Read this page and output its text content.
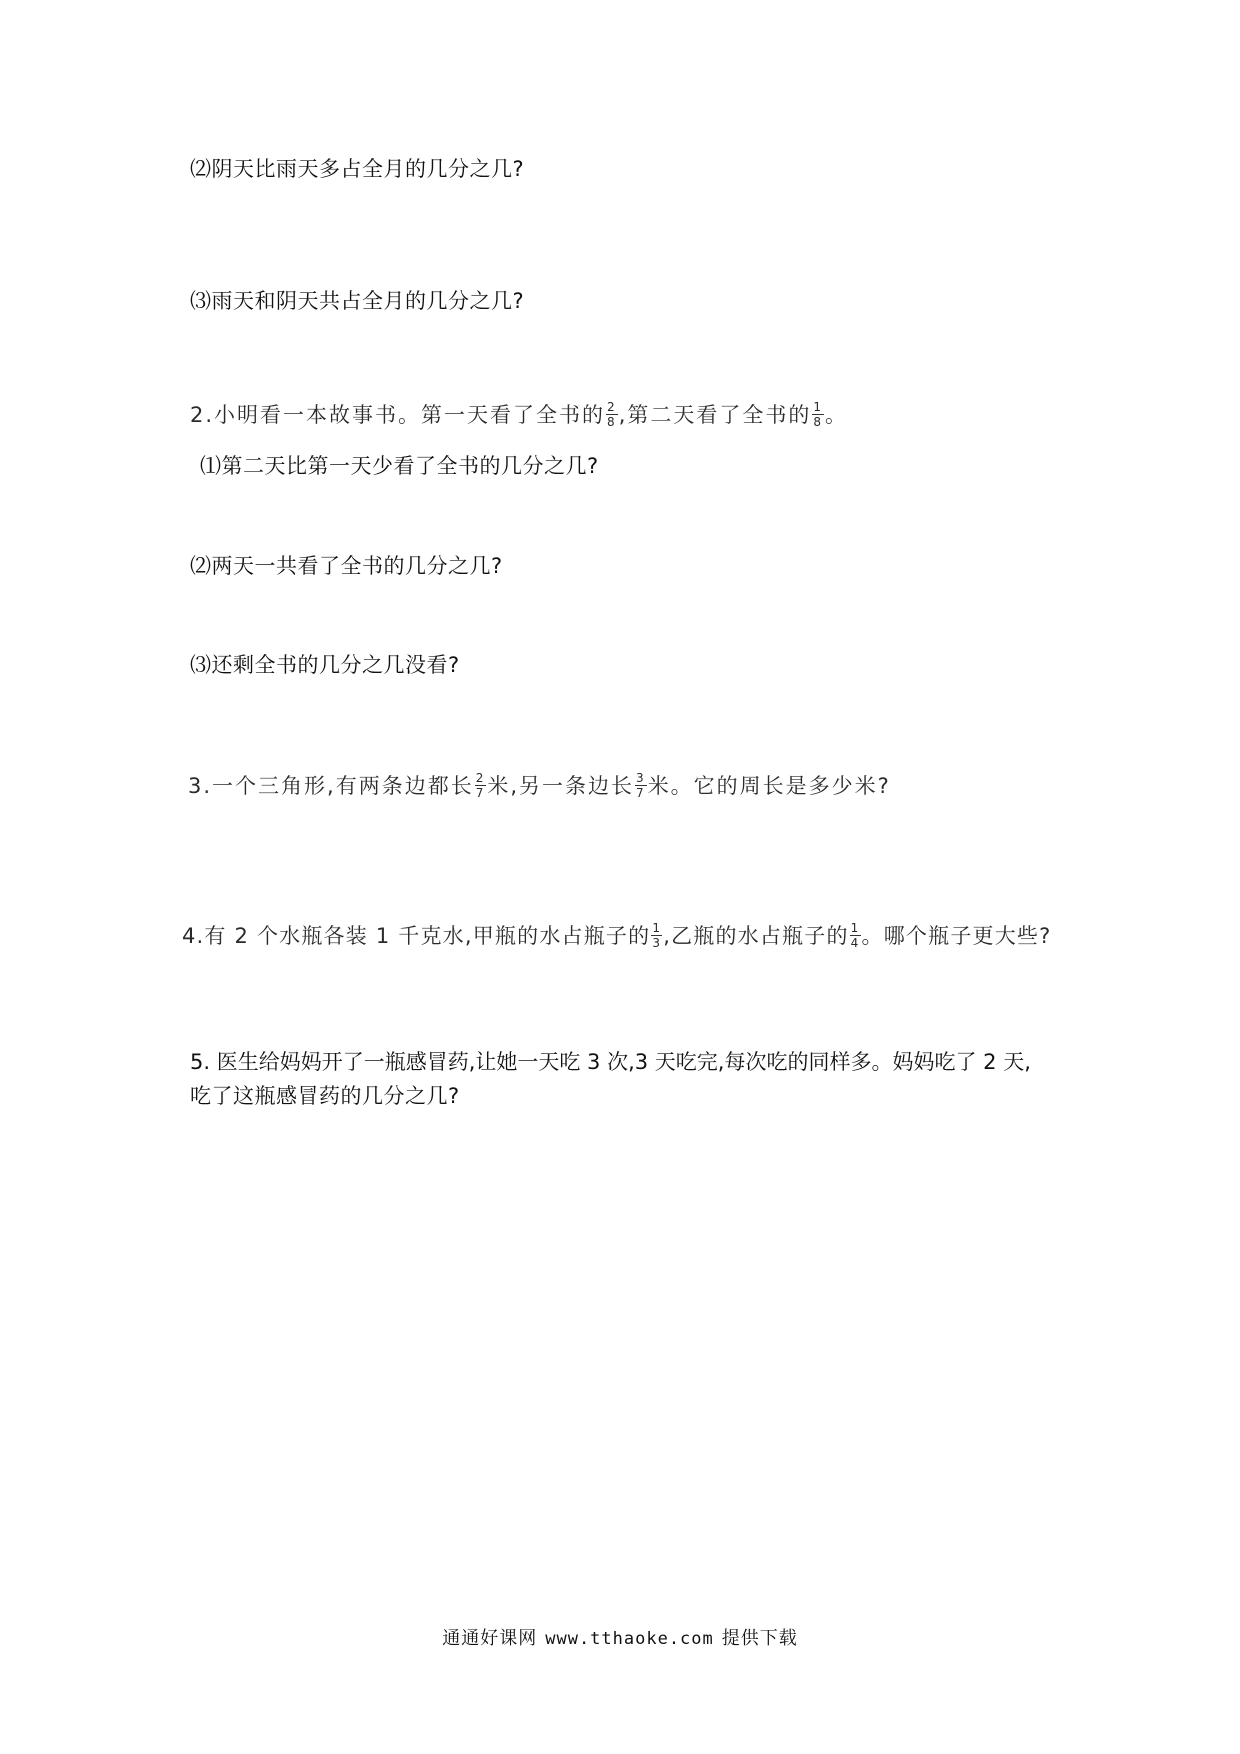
⑵阴天比雨天多占全月的几分之几?
⑶雨天和阴天共占全月的几分之几?
2.小明看一本故事书。第一天看了全书的 $\frac{2}{8}$ ,第二天看了全书的 $\frac{1}{8}$ 。
⑴第二天比第一天少看了全书的几分之几?
⑵两天一共看了全书的几分之几?
⑶还剩全书的几分之几没看?
3.一个三角形,有两条边都长 $\frac{2}{7}$ 米,另一条边长 $\frac{3}{7}$ 米。它的周长是多少米?
4.有 2 个水瓶各装 1 千克水,甲瓶的水占瓶子的 $\frac{1}{3}$ ,乙瓶的水占瓶子的 $\frac{1}{4}$ 。哪个瓶子更大些?
5. 医生给妈妈开了一瓶感冒药,让她一天吃 3 次,3 天吃完,每次吃的同样多。妈妈吃了 2 天,
吃了这瓶感冒药的几分之几?
通通好课网 www.tthaoke.com 提供下载
